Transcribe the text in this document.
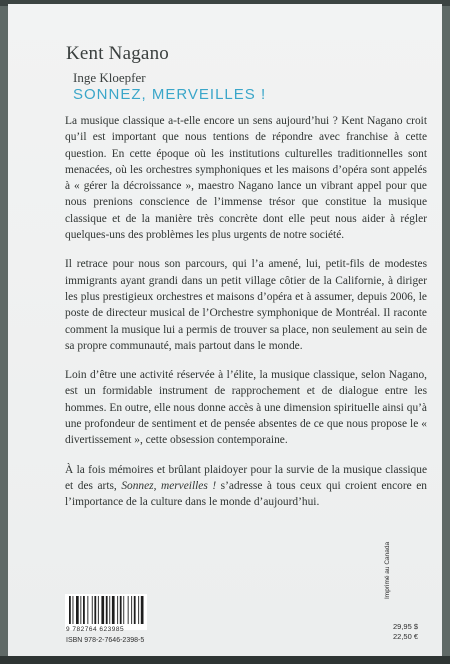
Kent Nagano
Inge Kloepfer
SONNEZ, MERVEILLES !

La musique classique a-t-elle encore un sens aujourd’hui ? Kent Nagano croit qu’il est important que nous tentions de répondre avec franchise à cette question. En cette époque où les institutions culturelles traditionnelles sont menacées, où les orchestres symphoniques et les maisons d’opéra sont appelés à « gérer la décroissance », maestro Nagano lance un vibrant appel pour que nous prenions conscience de l’immense trésor que constitue la musique classique et de la manière très concrète dont elle peut nous aider à régler quelques-uns des problèmes les plus urgents de notre société.

Il retrace pour nous son parcours, qui l’a amené, lui, petit-fils de modestes immigrants ayant grandi dans un petit village côtier de la Californie, à diriger les plus prestigieux orchestres et maisons d’opéra et à assumer, depuis 2006, le poste de directeur musical de l’Orchestre symphonique de Montréal. Il raconte comment la musique lui a permis de trouver sa place, non seulement au sein de sa propre communauté, mais partout dans le monde.

Loin d’être une activité réservée à l’élite, la musique classique, selon Nagano, est un formidable instrument de rapprochement et de dialogue entre les hommes. En outre, elle nous donne accès à une dimension spirituelle ainsi qu’à une profondeur de sentiment et de pensée absentes de ce que nous propose le « divertissement », cette obsession contemporaine.

À la fois mémoires et brûlant plaidoyer pour la survie de la musique classique et des arts, Sonnez, merveilles ! s’adresse à tous ceux qui croient encore en l’importance de la culture dans le monde d’aujourd’hui.

9 782764 623985
ISBN 978-2-7646-2398-5
Imprimé au Canada
29,95 $
22,50 €
